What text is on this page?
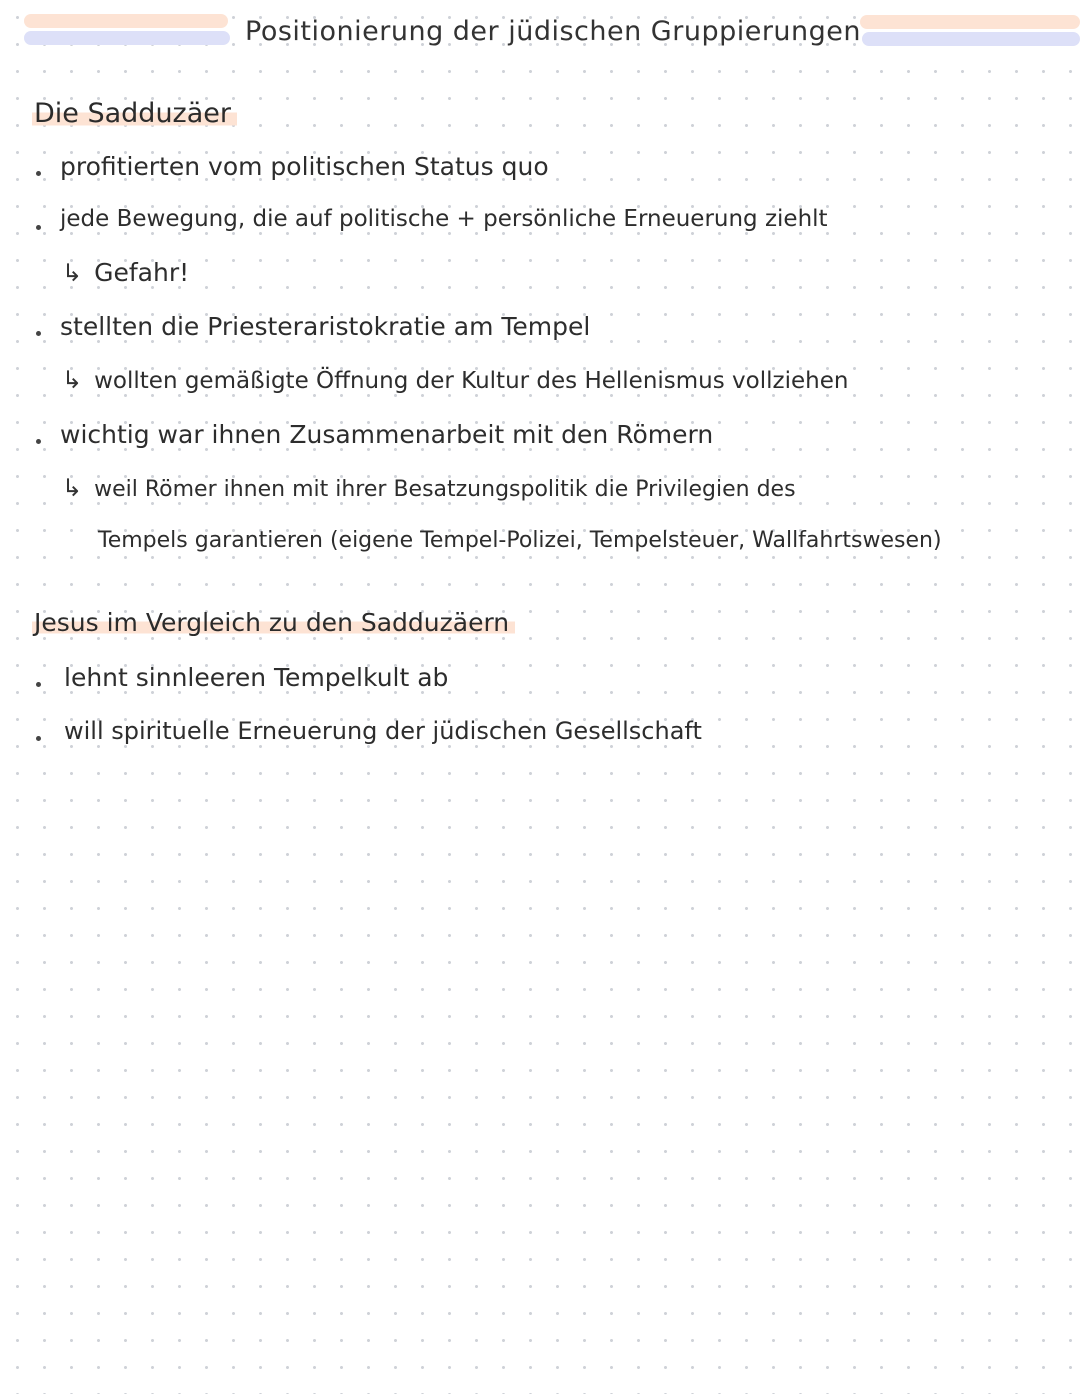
Positionierung der jüdischen Gruppierungen
Die Sadduzäer
profitierten vom politischen Status quo
jede Bewegung, die auf politische + persönliche Erneuerung ziehlt
↳ Gefahr!
stellten die Priesteraristokratie am Tempel
↳ wollten gemäßigte Öffnung der Kultur des Hellenismus vollziehen
wichtig war ihnen Zusammenarbeit mit den Römern
↳ weil Römer ihnen mit ihrer Besatzungspolitik die Privilegien des
Tempels garantieren (eigene Tempel-Polizei, Tempelsteuer, Wallfahrtswesen)
Jesus im Vergleich zu den Sadduzäern
lehnt sinnleeren Tempelkult ab
will spirituelle Erneuerung der jüdischen Gesellschaft
